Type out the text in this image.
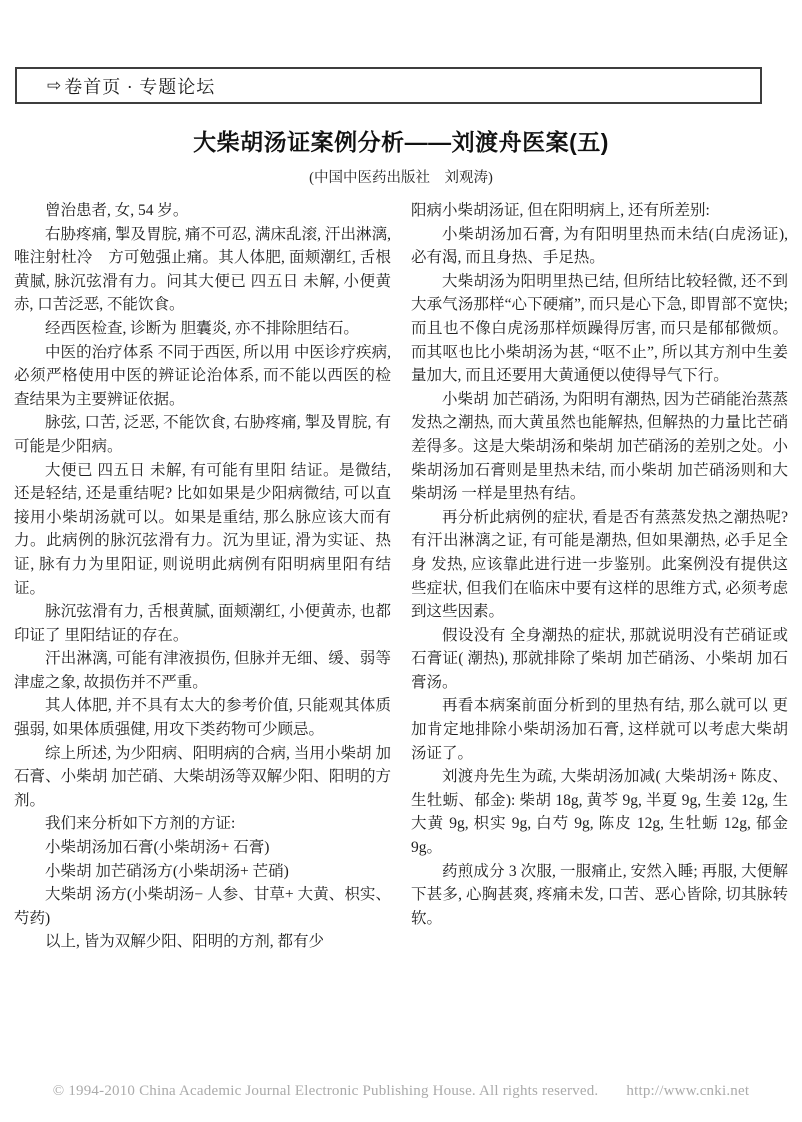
⇨ 卷首页 · 专题论坛
大柴胡汤证案例分析——刘渡舟医案(五)
(中国中医药出版社　刘观涛)

曾治患者, 女, 54 岁。

右胁疼痛, 掣及胃脘, 痛不可忍, 满床乱滚, 汗出淋漓, 唯注射杜冷　方可勉强止痛。其人体肥, 面颊潮红, 舌根黄腻, 脉沉弦滑有力。问其大便已 四五日 未解, 小便黄赤, 口苦泛恶, 不能饮食。

经西医检查, 诊断为 胆囊炎, 亦不排除胆结石。

中医的治疗体系 不同于西医, 所以用 中医诊疗疾病, 必须严格使用中医的辨证论治体系, 而不能以西医的检查结果为主要辨证依据。

脉弦, 口苦, 泛恶, 不能饮食, 右胁疼痛, 掣及胃脘, 有可能是少阳病。

大便已 四五日 未解, 有可能有里阳 结证。是微结, 还是轻结, 还是重结呢? 比如如果是少阳病微结, 可以直接用小柴胡汤就可以。如果是重结, 那么脉应该大而有力。此病例的脉沉弦滑有力。沉为里证, 滑为实证、热证, 脉有力为里阳证, 则说明此病例有阳明病里阳有结证。

脉沉弦滑有力, 舌根黄腻, 面颊潮红, 小便黄赤, 也都印证了 里阳结证的存在。

汗出淋漓, 可能有津液损伤, 但脉并无细、缓、弱等津虚之象, 故损伤并不严重。

其人体肥, 并不具有太大的参考价值, 只能观其体质强弱, 如果体质强健, 用攻下类药物可少顾忌。

综上所述, 为少阳病、阳明病的合病, 当用小柴胡 加石膏、小柴胡 加芒硝、大柴胡汤等双解少阳、阳明的方剂。

我们来分析如下方剂的方证:

小柴胡汤加石膏(小柴胡汤+ 石膏)

小柴胡 加芒硝汤方(小柴胡汤+ 芒硝)

大柴胡 汤方(小柴胡汤− 人参、甘草+ 大黄、枳实、芍药)

以上, 皆为双解少阳、阳明的方剂, 都有少

阳病小柴胡汤证, 但在阳明病上, 还有所差别:

小柴胡汤加石膏, 为有阳明里热而未结(白虎汤证), 必有渴, 而且身热、手足热。

大柴胡汤为阳明里热已结, 但所结比较轻微, 还不到大承气汤那样“心下硬痛”, 而只是心下急, 即胃部不宽快; 而且也不像白虎汤那样烦躁得厉害, 而只是郁郁微烦。而其呕也比小柴胡汤为甚, “呕不止”, 所以其方剂中生姜量加大, 而且还要用大黄通便以使得导气下行。

小柴胡 加芒硝汤, 为阳明有潮热, 因为芒硝能治蒸蒸发热之潮热, 而大黄虽然也能解热, 但解热的力量比芒硝差得多。这是大柴胡汤和柴胡 加芒硝汤的差别之处。小柴胡汤加石膏则是里热未结, 而小柴胡 加芒硝汤则和大柴胡汤 一样是里热有结。

再分析此病例的症状, 看是否有蒸蒸发热之潮热呢? 有汗出淋漓之证, 有可能是潮热, 但如果潮热, 必手足全身 发热, 应该靠此进行进一步鉴别。此案例没有提供这些症状, 但我们在临床中要有这样的思维方式, 必须考虑到这些因素。

假设没有 全身潮热的症状, 那就说明没有芒硝证或石膏证( 潮热), 那就排除了柴胡 加芒硝汤、小柴胡 加石膏汤。

再看本病案前面分析到的里热有结, 那么就可以 更加肯定地排除小柴胡汤加石膏, 这样就可以考虑大柴胡汤证了。

刘渡舟先生为疏, 大柴胡汤加减( 大柴胡汤+ 陈皮、生牡蛎、郁金): 柴胡 18g, 黄芩 9g, 半夏 9g, 生姜 12g, 生大黄 9g, 枳实 9g, 白芍 9g, 陈皮 12g, 生牡蛎 12g, 郁金 9g。

药煎成分 3 次服, 一服痛止, 安然入睡; 再服, 大便解下甚多, 心胸甚爽, 疼痛未发, 口苦、恶心皆除, 切其脉转软。

© 1994-2010 China Academic Journal Electronic Publishing House. All rights reserved. http://www.cnki.net
